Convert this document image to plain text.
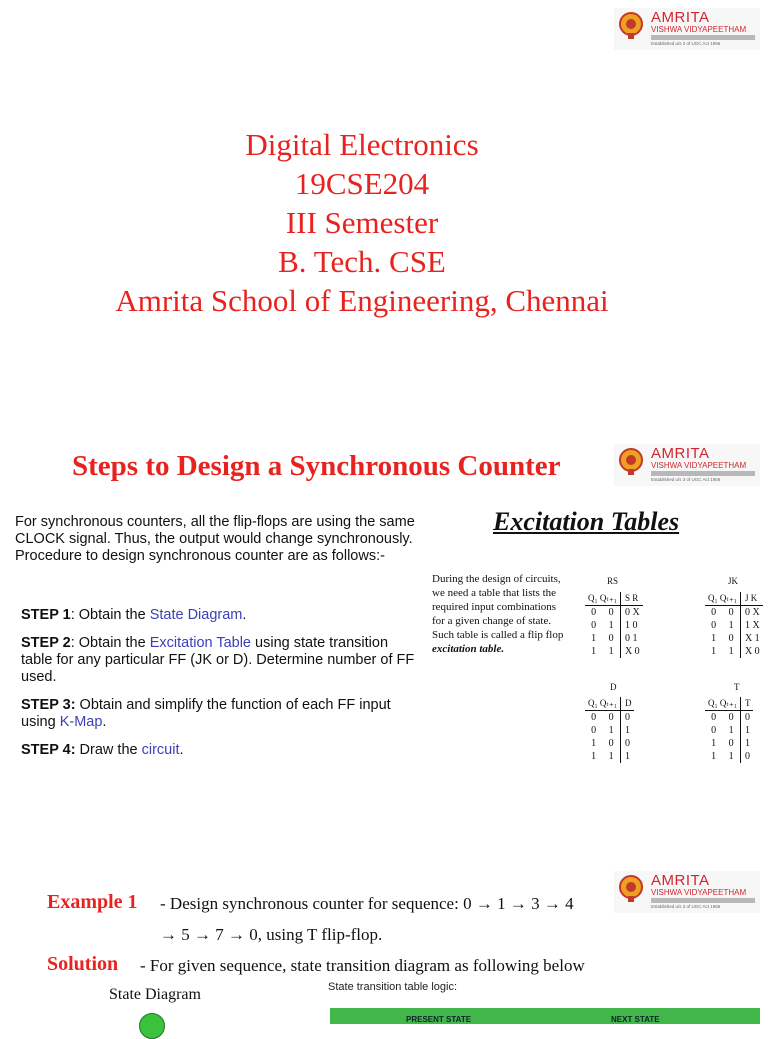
AMRITA
VISHWA VIDYAPEETHAM
Established u/s 3 of UGC Act 1956
Digital Electronics
19CSE204
III Semester
B. Tech. CSE
Amrita School of Engineering, Chennai
AMRITA
VISHWA VIDYAPEETHAM
Established u/s 3 of UGC Act 1956
Steps to Design a Synchronous Counter
For synchronous counters, all the flip-flops are using the same CLOCK signal. Thus, the output would change synchronously.
Procedure to design synchronous counter are as follows:-
STEP 1: Obtain the State Diagram.
STEP 2: Obtain the Excitation Table using state transition table for any particular FF (JK or D). Determine number of FF used.
STEP 3: Obtain and simplify the function of each FF input using K-Map.
STEP 4: Draw the circuit.
Excitation Tables
During the design of circuits, we need a table that lists the required input combinations for a given change of state. Such table is called a flip flop excitation table.
RS
Q₁ Qₜ₊₁		S R
0	0	0 X
0	1	1 0
1	0	0 1
1	1	X 0
JK
Q₁ Qₜ₊₁		J K
0	0	0 X
0	1	1 X
1	0	X 1
1	1	X 0
D
Q₁ Qₜ₊₁		D
0	0	0
0	1	1
1	0	0
1	1	1
T
Q₁ Qₜ₊₁		T
0	0	0
0	1	1
1	0	1
1	1	0
AMRITA
VISHWA VIDYAPEETHAM
Established u/s 3 of UGC Act 1956
Example 1 - Design synchronous counter for sequence: 0 → 1 → 3 → 4
→ 5 → 7 → 0, using T flip-flop.
Solution - For given sequence, state transition diagram as following below
State Diagram	State transition table logic:
PRESENT STATE	NEXT STATE
